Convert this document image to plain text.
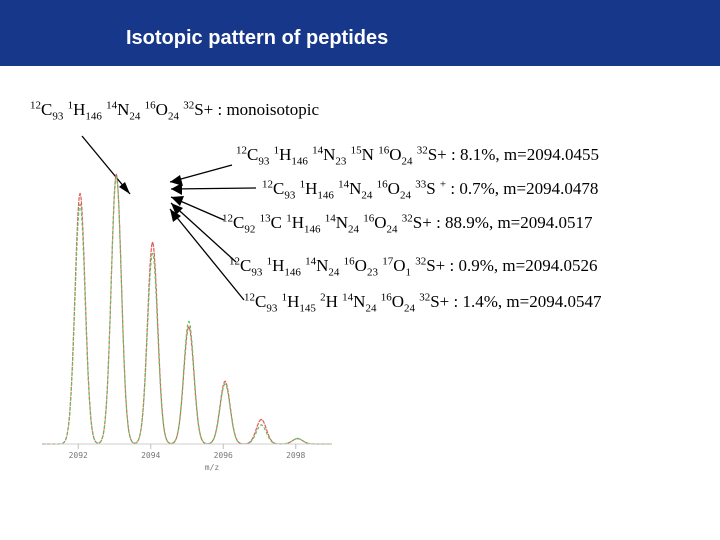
Isotopic pattern of peptides
2092	2094	2096	2098
m/z
$^{12}C_{93}$ $^1H_{146}$ $^{14}N_{24}$ $^{16}O_{24}$ $^{32}$S+ : monoisotopic
$^{12}C_{93}$ $^1H_{146}$ $^{14}N_{23}$ $^{15}$N $^{16}O_{24}$ $^{32}$S+ : 8.1%, m=2094.0455
$^{12}C_{93}$ $^1H_{146}$ $^{14}N_{24}$ $^{16}O_{24}$ $^{33}$S + : 0.7%, m=2094.0478
$^{12}C_{92}$ $^{13}$C $^1H_{146}$ $^{14}N_{24}$ $^{16}O_{24}$ $^{32}$S+ : 88.9%, m=2094.0517
$^{12}C_{93}$ $^1H_{146}$ $^{14}N_{24}$ $^{16}O_{23}$ $^{17}O_1$ $^{32}$S+ : 0.9%, m=2094.0526
$^{12}C_{93}$ $^1H_{145}$ $^2$H $^{14}N_{24}$ $^{16}O_{24}$ $^{32}$S+ : 1.4%, m=2094.0547
